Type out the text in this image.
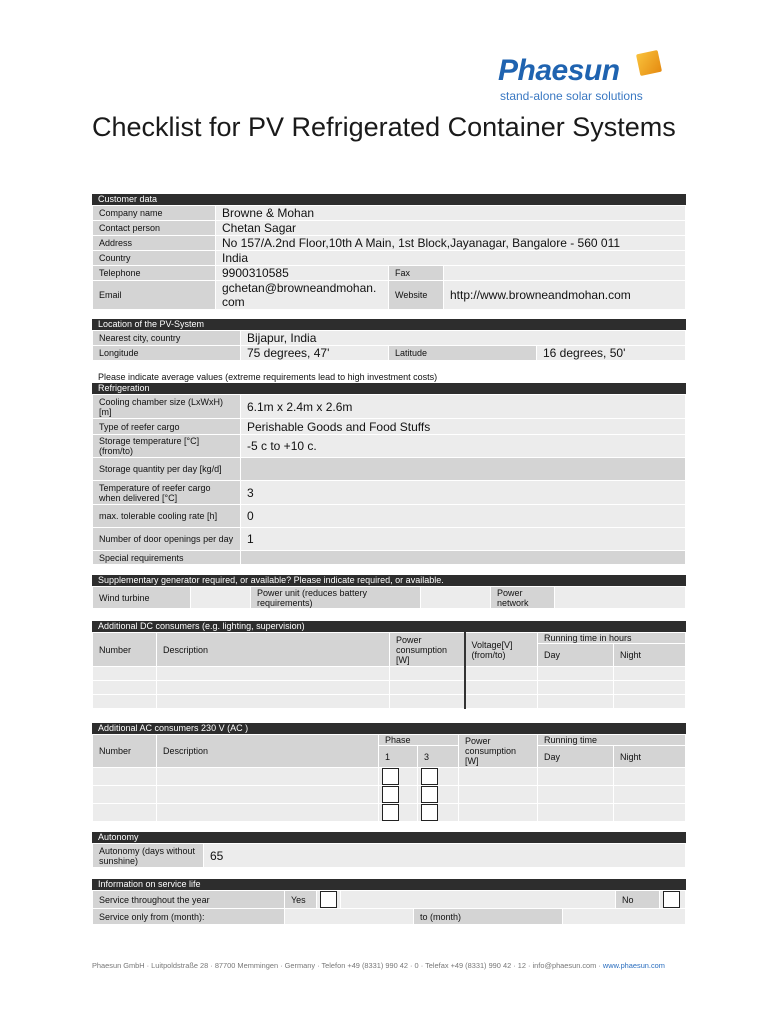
Phaesun
stand-alone solar solutions
Checklist for PV Refrigerated Container Systems
Customer data
Company name	Browne & Mohan		
Contact person	Chetan Sagar		
Address	No 157/A.2nd Floor,10th A Main, 1st Block,Jayanagar, Bangalore - 560 011		
Country	India		
Telephone	9900310585	Fax	
Email	gchetan@browneandmohan.com	Website	http://www.browneandmohan.com
Location of the PV-System
Nearest city, country	Bijapur, India		
Longitude	75 degrees, 47'	Latitude	16 degrees, 50'
Please indicate average values (extreme requirements lead to high investment costs)
Refrigeration
Cooling chamber size (LxWxH) [m]	6.1m x 2.4m x 2.6m
Type of reefer cargo	Perishable Goods and Food Stuffs
Storage temperature [°C] (from/to)	-5 c to +10 c.
Storage quantity per day [kg/d]	
Temperature of reefer cargo when delivered [°C]	3
max. tolerable cooling rate [h]	0
Number of door openings per day	1
Special requirements	
Supplementary generator required, or available? Please indicate required, or available.
Wind turbine		Power unit (reduces battery requirements)		Power network	
Additional DC consumers (e.g. lighting, supervision)
Number	Description	Power consumption [W]	Voltage[V] (from/to)	Running time in hours	
				Day	Night

Additional AC consumers 230 V (AC )
Number	Description	Phase		Power consumption [W]	Running time	
		1	3		Day	Night

Autonomy
Autonomy (days without sunshine)	65
Information on service life
Service throughout the year	Yes					No	
Service only from (month):				to (month)			
Phaesun GmbH · Luitpoldstraße 28 · 87700 Memmingen · Germany · Telefon +49 (8331) 990 42 · 0 · Telefax +49 (8331) 990 42 · 12 · info@phaesun.com · www.phaesun.com
